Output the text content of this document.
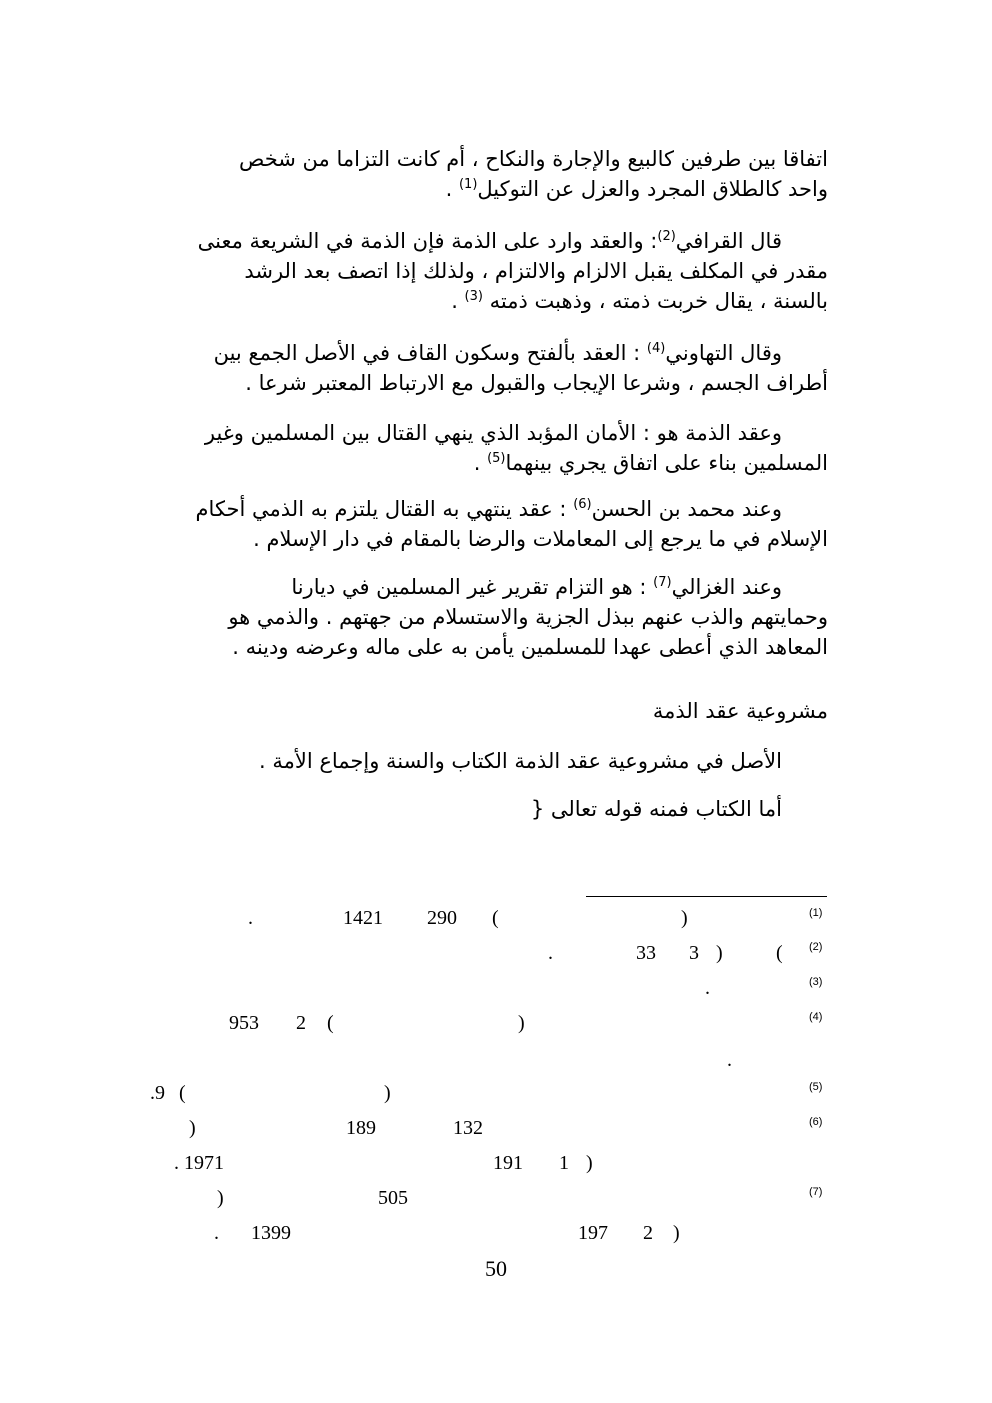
اتفاقا بين طرفين كالبيع والإجارة والنكاح ، أم كانت التزاما من شخص
واحد كالطلاق المجرد والعزل عن التوكيل$^{(1)}$ .
قال القرافي$^{(2)}$: والعقد وارد على الذمة فإن الذمة في الشريعة معنى
مقدر في المكلف يقبل الالزام والالتزام ، ولذلك إذا اتصف بعد الرشد
بالسنة ، يقال خربت ذمته ، وذهبت ذمته $^{(3)}$ .
وقال التهاوني$^{(4)}$ : العقد بألفتح وسكون القاف في الأصل الجمع بين
أطراف الجسم ، وشرعا الإيجاب والقبول مع الارتباط المعتبر شرعا .
وعقد الذمة هو : الأمان المؤبد الذي ينهي القتال بين المسلمين وغير
المسلمين بناء على اتفاق يجري بينهما$^{(5)}$ .
وعند محمد بن الحسن$^{(6)}$ : عقد ينتهي به القتال يلتزم به الذمي أحكام
الإسلام في ما يرجع إلى المعاملات والرضا بالمقام في دار الإسلام .
وعند الغزالي$^{(7)}$ : هو التزام تقرير غير المسلمين في ديارنا
وحمايتهم والذب عنهم ببذل الجزية والاستسلام من جهتهم . والذمي هو
المعاهد الذي أعطى عهدا للمسلمين يأمن به على ماله وعرضه ودينه .
مشروعية عقد الذمة
الأصل في مشروعية عقد الذمة الكتاب والسنة وإجماع الأمة .
أما الكتاب فمنه قوله تعالى {
(1)
(2)
(3)
(4)
(5)
(6)
(7)
)
(
290
1421
.
(
)
3
33
.
.
)
(
2
953
.
)
(
.9
132
189
)
)
1
191
. 1971
505
)
)
2
197
1399
.
50
